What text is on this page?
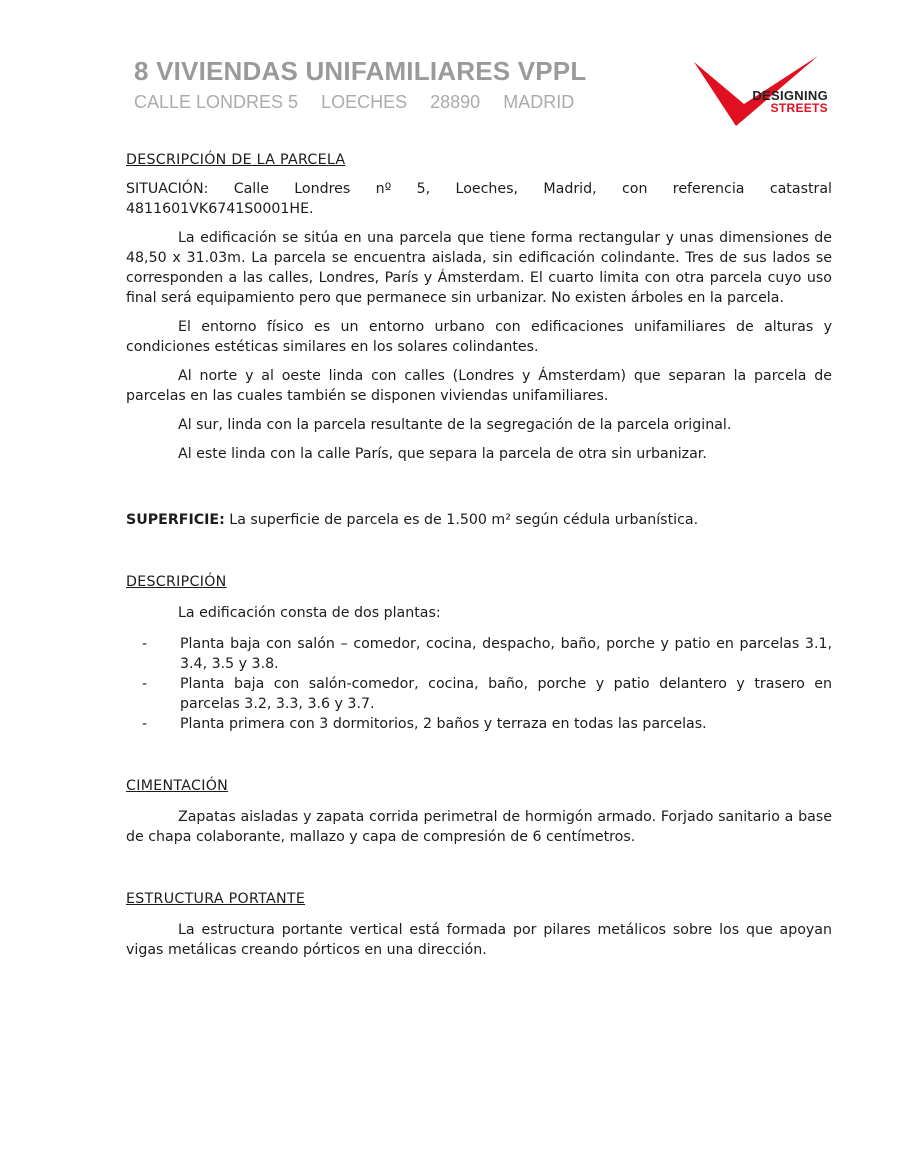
8 VIVIENDAS UNIFAMILIARES VPPL
CALLE LONDRES 5 LOECHES 28890 MADRID	DESIGNING
STREETS
DESCRIPCIÓN DE LA PARCELA

SITUACIÓN: Calle Londres nº 5, Loeches, Madrid, con referencia catastral 4811601VK6741S0001HE.

La edificación se sitúa en una parcela que tiene forma rectangular y unas dimensiones de 48,50 x 31.03m. La parcela se encuentra aislada, sin edificación colindante. Tres de sus lados se corresponden a las calles, Londres, París y Ámsterdam. El cuarto limita con otra parcela cuyo uso final será equipamiento pero que permanece sin urbanizar. No existen árboles en la parcela.

El entorno físico es un entorno urbano con edificaciones unifamiliares de alturas y condiciones estéticas similares en los solares colindantes.

Al norte y al oeste linda con calles (Londres y Ámsterdam) que separan la parcela de parcelas en las cuales también se disponen viviendas unifamiliares.

Al sur, linda con la parcela resultante de la segregación de la parcela original.

Al este linda con la calle París, que separa la parcela de otra sin urbanizar.

SUPERFICIE: La superficie de parcela es de 1.500 m² según cédula urbanística.

DESCRIPCIÓN

La edificación consta de dos plantas:

- Planta baja con salón – comedor, cocina, despacho, baño, porche y patio en parcelas 3.1, 3.4, 3.5 y 3.8.
- Planta baja con salón-comedor, cocina, baño, porche y patio delantero y trasero en parcelas 3.2, 3.3, 3.6 y 3.7.
- Planta primera con 3 dormitorios, 2 baños y terraza en todas las parcelas.
CIMENTACIÓN

Zapatas aisladas y zapata corrida perimetral de hormigón armado. Forjado sanitario a base de chapa colaborante, mallazo y capa de compresión de 6 centímetros.

ESTRUCTURA PORTANTE

La estructura portante vertical está formada por pilares metálicos sobre los que apoyan vigas metálicas creando pórticos en una dirección.
